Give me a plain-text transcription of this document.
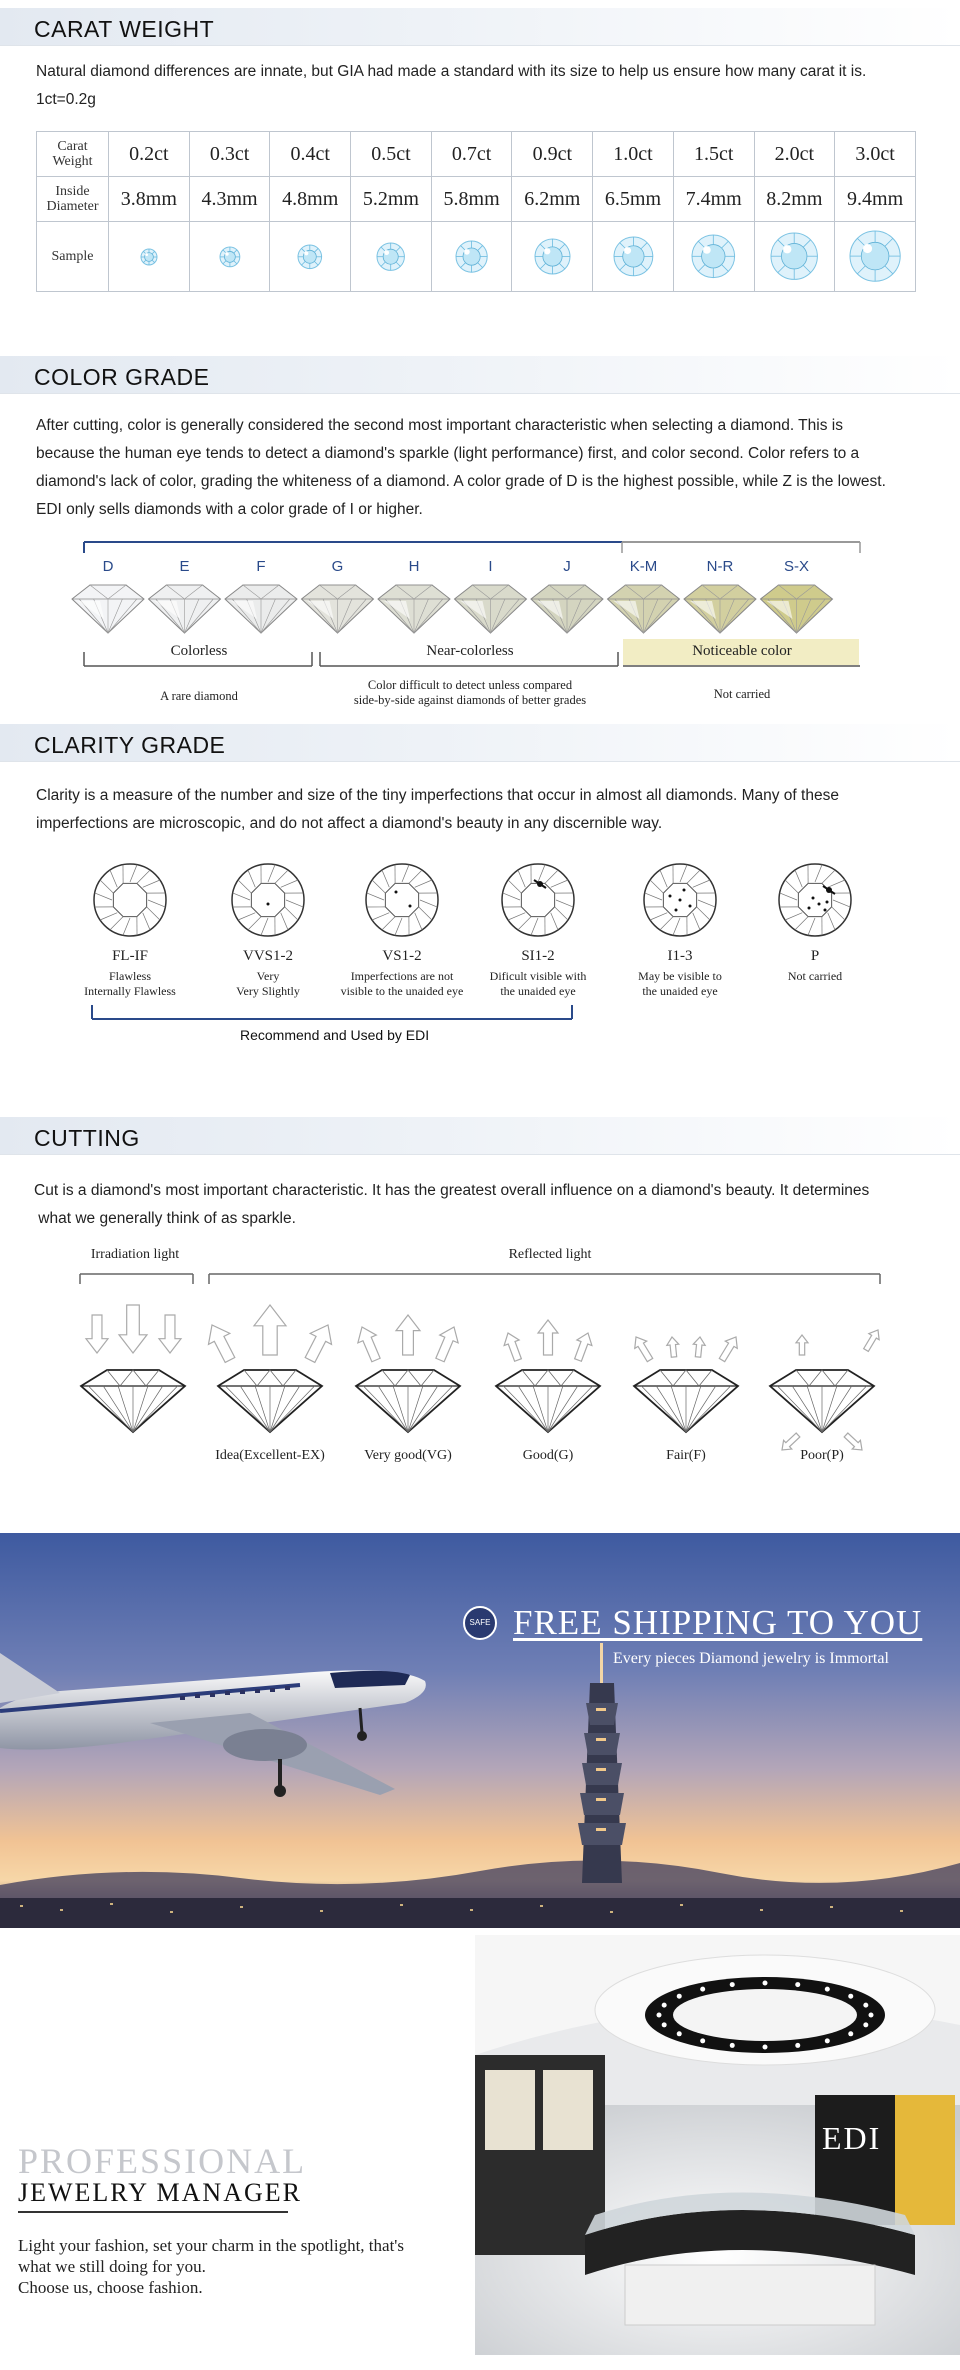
CARAT WEIGHT
Natural diamond differences are innate, but GIA had made a standard with its size to help us ensure how many carat it is.
1ct=0.2g
Carat
Weight	0.2ct	0.3ct	0.4ct	0.5ct	0.7ct	0.9ct	1.0ct	1.5ct	2.0ct	3.0ct

Inside
Diameter	3.8mm	4.3mm	4.8mm	5.2mm	5.8mm	6.2mm	6.5mm	7.4mm	8.2mm	9.4mm

Sample

COLOR GRADE
After cutting, color is generally considered the second most important characteristic when selecting a diamond. This is
because the human eye tends to detect a diamond's sparkle (light performance) first, and color second. Color refers to a
diamond's lack of color, grading the whiteness of a diamond. A color grade of D is the highest possible, while Z is the lowest.
EDI only sells diamonds with a color grade of I or higher.
D	E	F	G	H	I	J	K-M	N-R	S-X
Colorless	Near-colorless	Noticeable color
A rare diamond
Color difficult to detect unless compared
side-by-side against diamonds of better grades	Not carried
CLARITY GRADE
Clarity is a measure of the number and size of the tiny imperfections that occur in almost all diamonds. Many of these
imperfections are microscopic, and do not affect a diamond's beauty in any discernible way.
FL-IF
Flawless
Internally Flawless
VVS1-2
Very
Very Slightly
VS1-2
Imperfections are not
visible to the unaided eye
SI1-2
Dificult visible with
the unaided eye
I1-3
May be visible to
the unaided eye
P
Not carried
Recommend and Used by EDI
CUTTING
Cut is a diamond's most important characteristic. It has the greatest overall influence on a diamond's beauty. It determines
what we generally think of as sparkle.
Irradiation light	Reflected light
Idea(Excellent-EX)	Very good(VG)	Good(G)	Fair(F)	Poor(P)
SAFE FREE SHIPPING TO YOU
Every pieces Diamond jewelry is Immortal
EDI
PROFESSIONAL
JEWELRY MANAGER
Light your fashion, set your charm in the spotlight, that's
what we still doing for you.
Choose us, choose fashion.
